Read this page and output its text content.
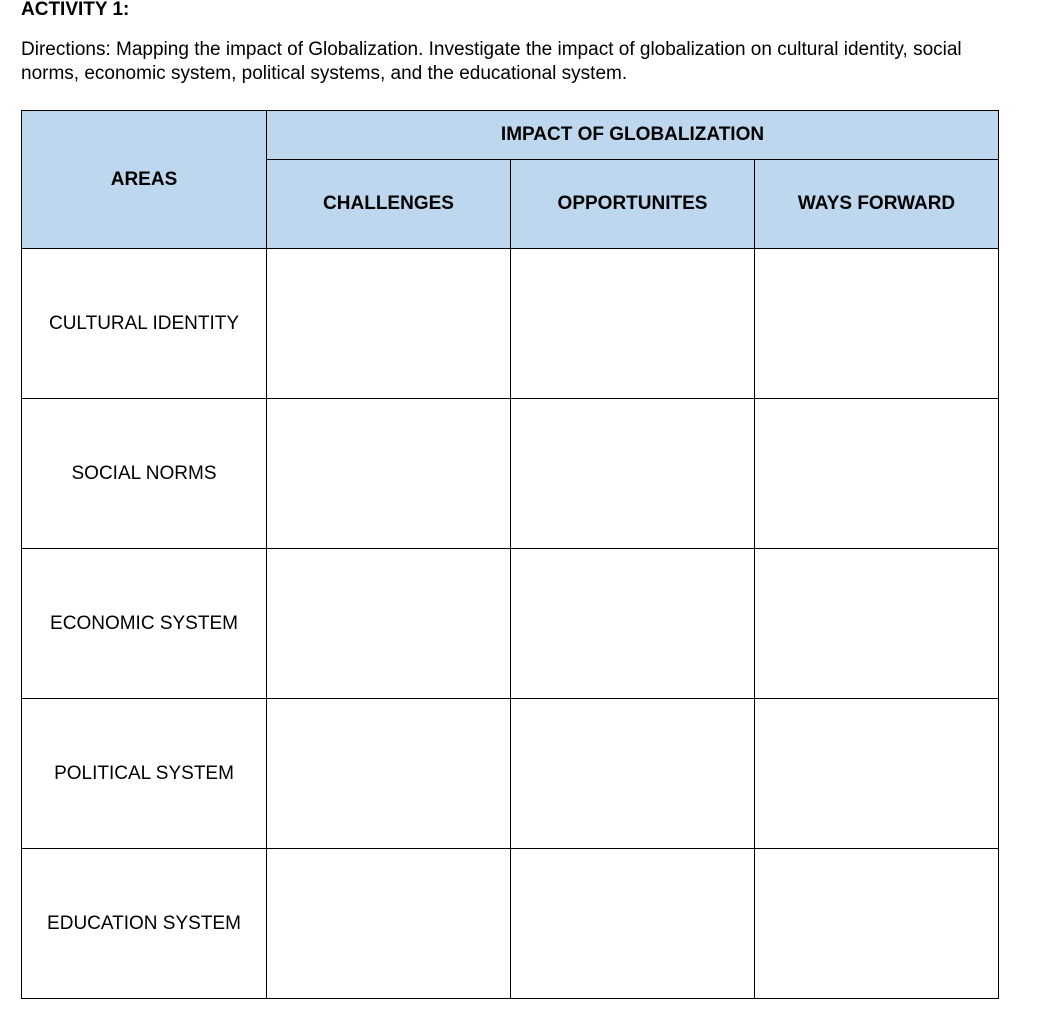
ACTIVITY 1:
Directions: Mapping the impact of Globalization. Investigate the impact of globalization on cultural identity, social norms, economic system, political systems, and the educational system.
AREAS	IMPACT OF GLOBALIZATION		
	CHALLENGES	OPPORTUNITES	WAYS FORWARD
CULTURAL IDENTITY			
SOCIAL NORMS			
ECONOMIC SYSTEM			
POLITICAL SYSTEM			
EDUCATION SYSTEM			
